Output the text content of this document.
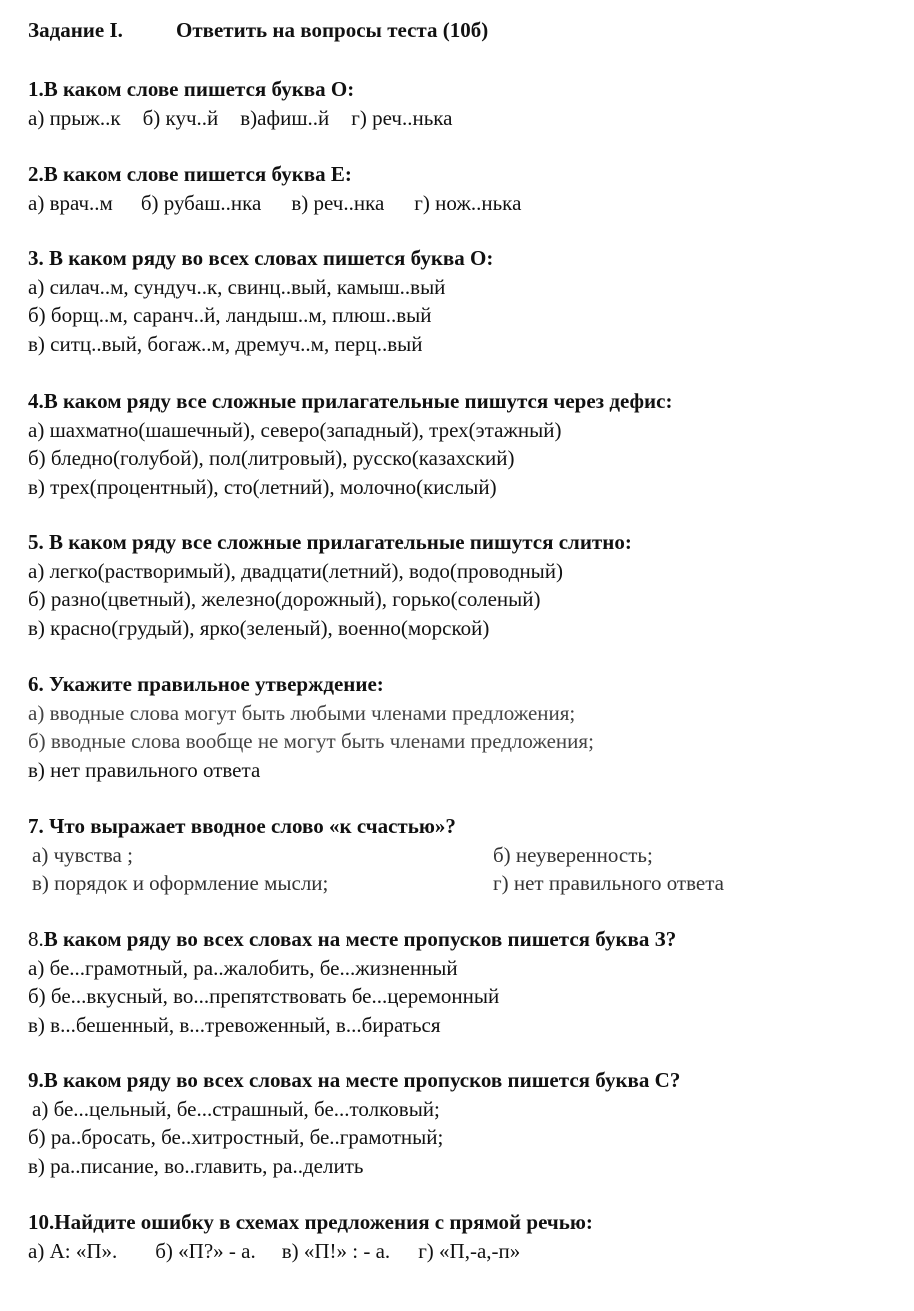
Задание I.	Ответить на вопросы теста (10б)
1.В каком слове пишется буква О:
а) прыж..к б) куч..й в)афиш..й г) реч..нька
2.В каком слове пишется буква Е:
а) врач..м б) рубаш..нка в) реч..нка г) нож..нька
3. В каком ряду во всех словах пишется буква О:
а) силач..м, сундуч..к, свинц..вый, камыш..вый
б) борщ..м, саранч..й, ландыш..м, плюш..вый
в) ситц..вый, богаж..м, дремуч..м, перц..вый
4.В каком ряду все сложные прилагательные пишутся через дефис:
а) шахматно(шашечный), северо(западный), трех(этажный)
б) бледно(голубой), пол(литровый), русско(казахский)
в) трех(процентный), сто(летний), молочно(кислый)
5. В каком ряду все сложные прилагательные пишутся слитно:
а) легко(растворимый), двадцати(летний), водо(проводный)
б) разно(цветный), железно(дорожный), горько(соленый)
в) красно(грудый), ярко(зеленый), военно(морской)
6. Укажите правильное утверждение:
а) вводные слова могут быть любыми членами предложения;
б) вводные слова вообще не могут быть членами предложения;
в) нет правильного ответа
7. Что выражает вводное слово «к счастью»?
а) чувства ;	б) неуверенность;
в) порядок и оформление мысли;	г) нет правильного ответа
8.В каком ряду во всех словах на месте пропусков пишется буква З?
а) бе...грамотный, ра..жалобить, бе...жизненный
б) бе...вкусный, во...препятствовать бе...церемонный
в) в...бешенный, в...тревоженный, в...бираться
9.В каком ряду во всех словах на месте пропусков пишется буква С?
а) бе...цельный, бе...страшный, бе...толковый;
б) ра..бросать, бе..хитростный, бе..грамотный;
в) ра..писание, во..главить, ра..делить
10.Найдите ошибку в схемах предложения с прямой речью:
а) А: «П». б) «П?» - а. в) «П!» : - а. г) «П,-а,-п»
